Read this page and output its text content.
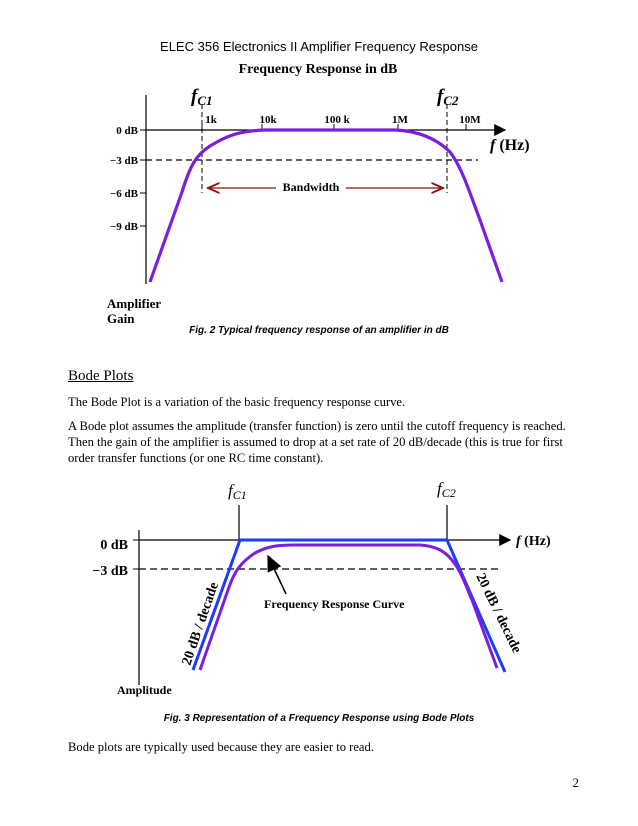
ELEC 356 Electronics II Amplifier Frequency Response
Frequency Response in dB
1k	10k	100 k	1M	10M
f (Hz)
0 dB
−3 dB
−6 dB
−9 dB
fC1	fC2
Bandwidth
Amplifier
Gain
Fig. 2 Typical frequency response of an amplifier in dB
Bode Plots
The Bode Plot is a variation of the basic frequency response curve.
A Bode plot assumes the amplitude (transfer function) is zero until the cutoff frequency is reached. Then the gain of the amplifier is assumed to drop at a set rate of 20 dB/decade (this is true for first order transfer functions (or one RC time constant).
fC1	fC2
f (Hz)
0 dB
−3 dB
20 dB / decade	20 dB / decade
Frequency Response Curve
Amplitude
Fig. 3 Representation of a Frequency Response using Bode Plots
Bode plots are typically used because they are easier to read.
2
